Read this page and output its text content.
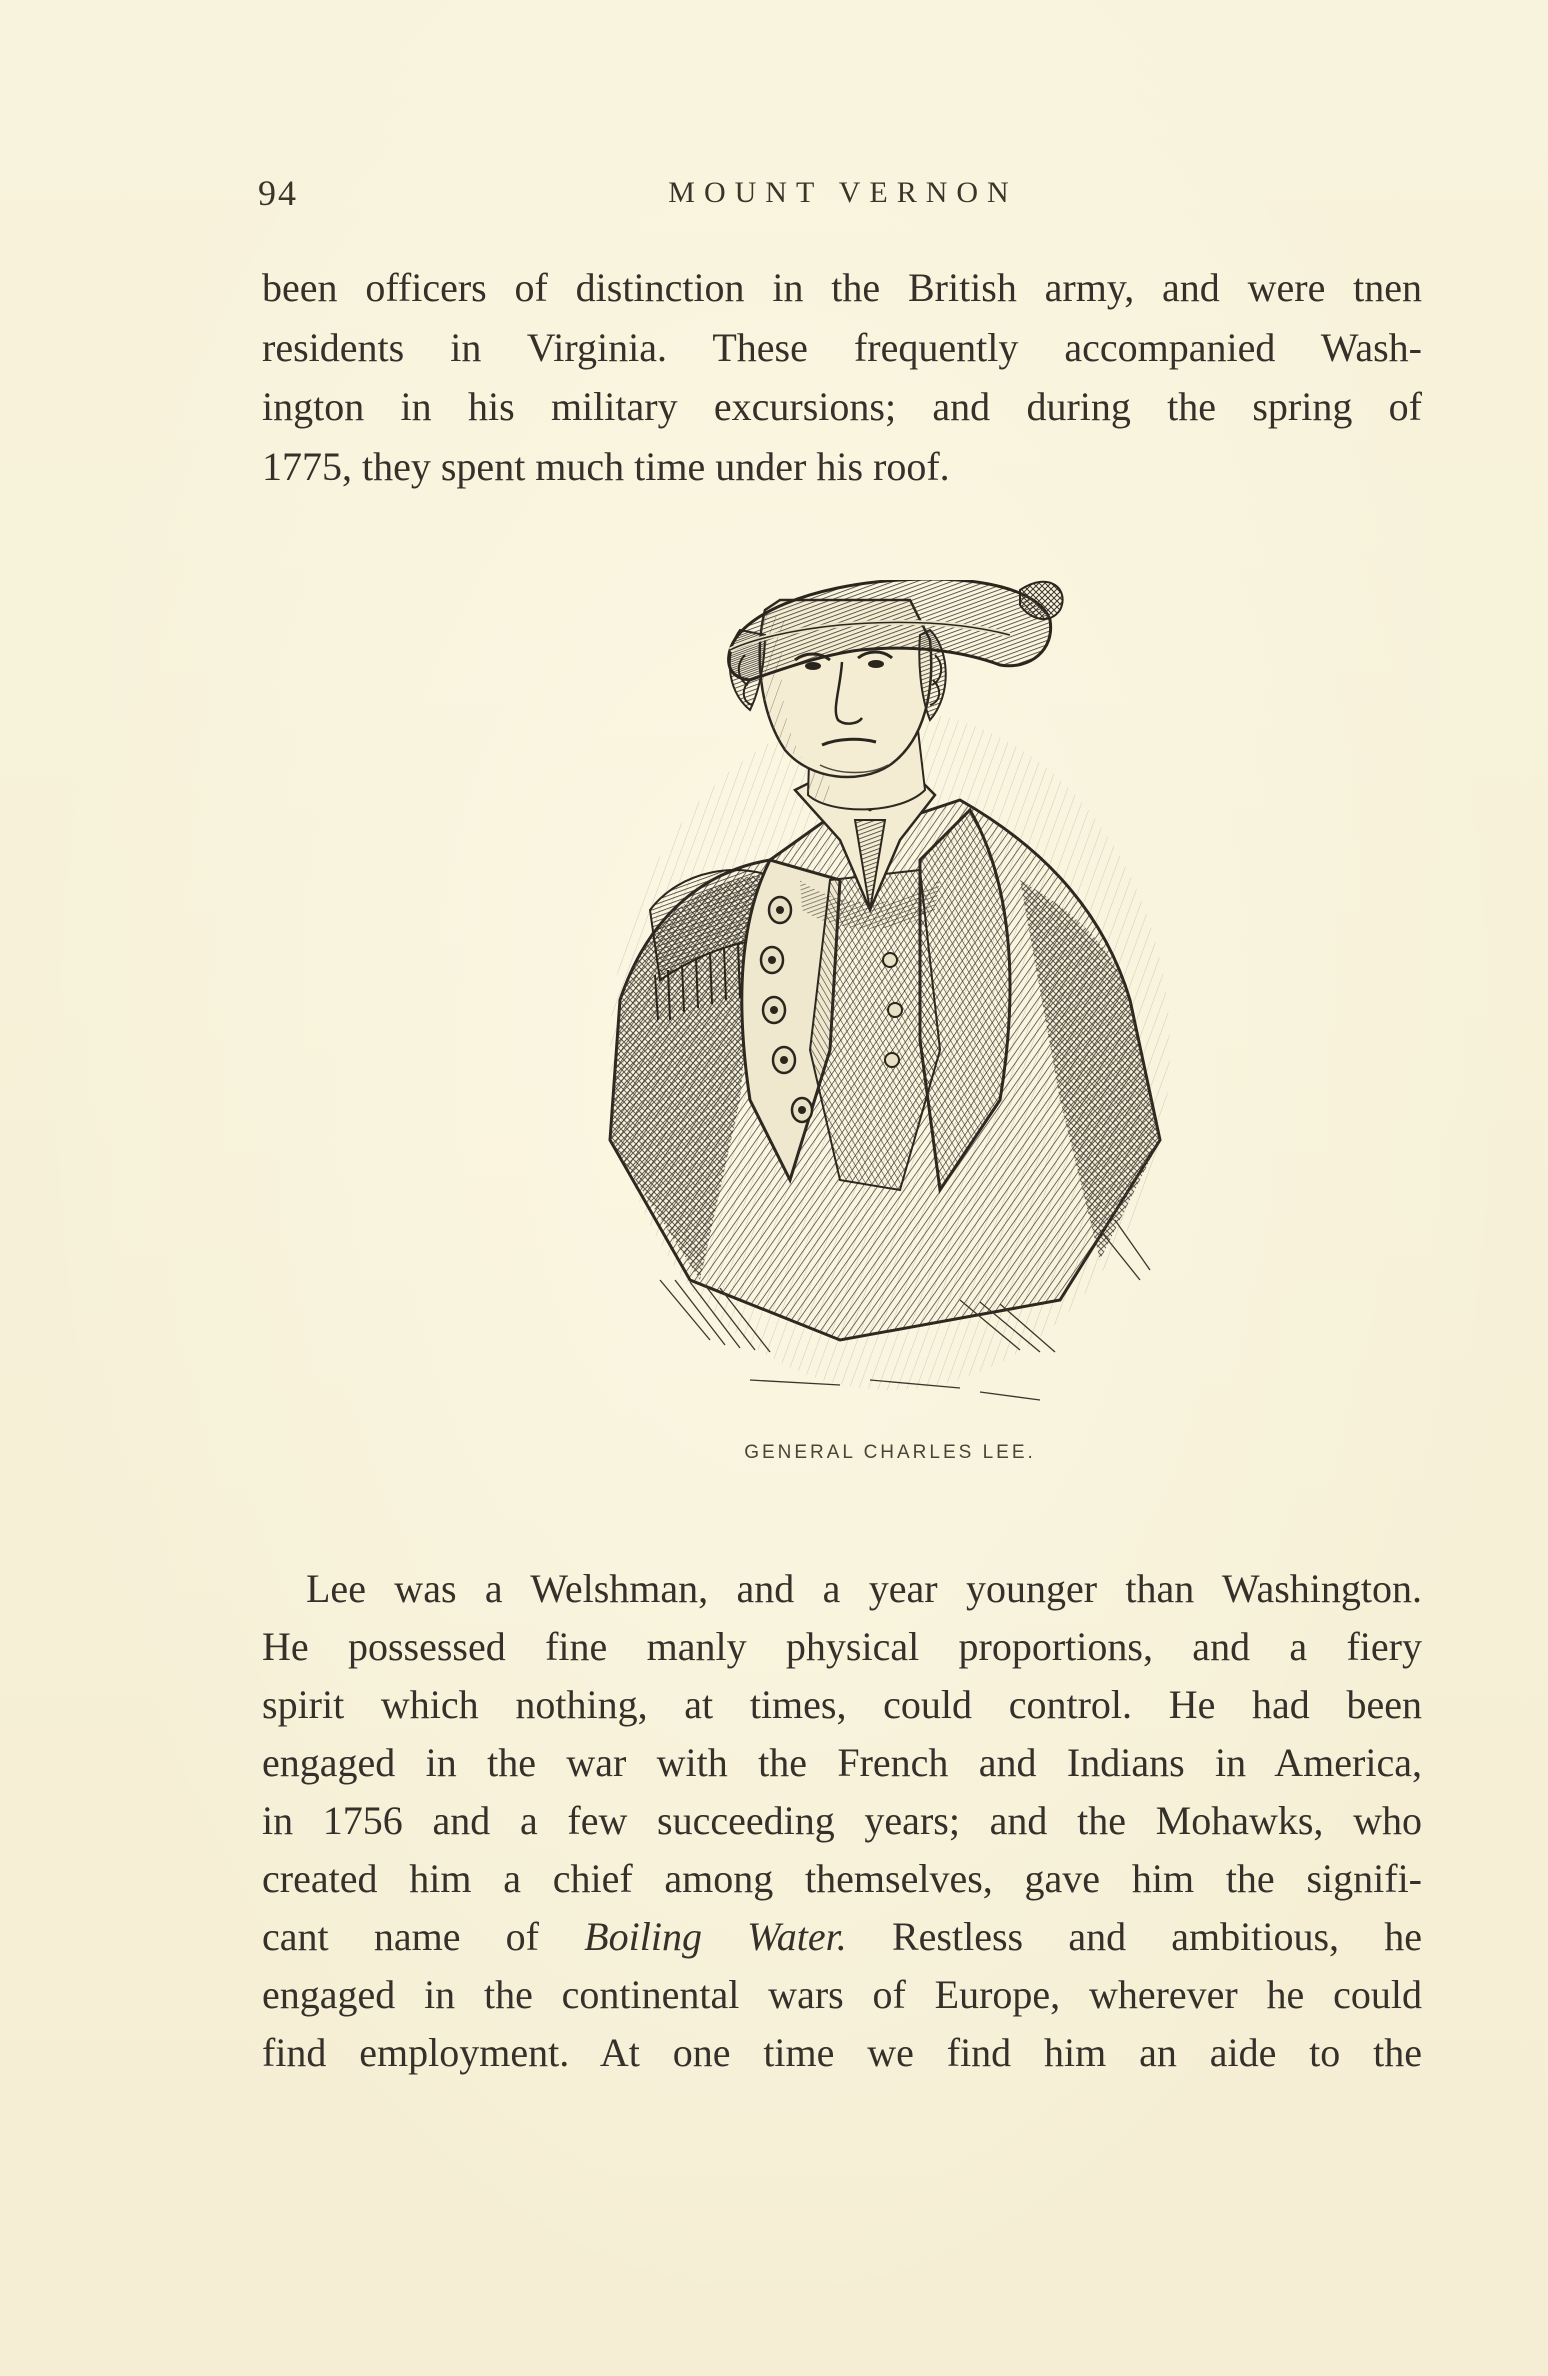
94	MOUNT VERNON
been officers of distinction in the British army, and were tnen
residents in Virginia. These frequently accompanied Wash-
ington in his military excursions; and during the spring of
1775, they spent much time under his roof.
GENERAL CHARLES LEE.
Lee was a Welshman, and a year younger than Washington.
He possessed fine manly physical proportions, and a fiery
spirit which nothing, at times, could control. He had been
engaged in the war with the French and Indians in America,
in 1756 and a few succeeding years; and the Mohawks, who
created him a chief among themselves, gave him the signifi-
cant name of Boiling Water. Restless and ambitious, he
engaged in the continental wars of Europe, wherever he could
find employment. At one time we find him an aide to the
